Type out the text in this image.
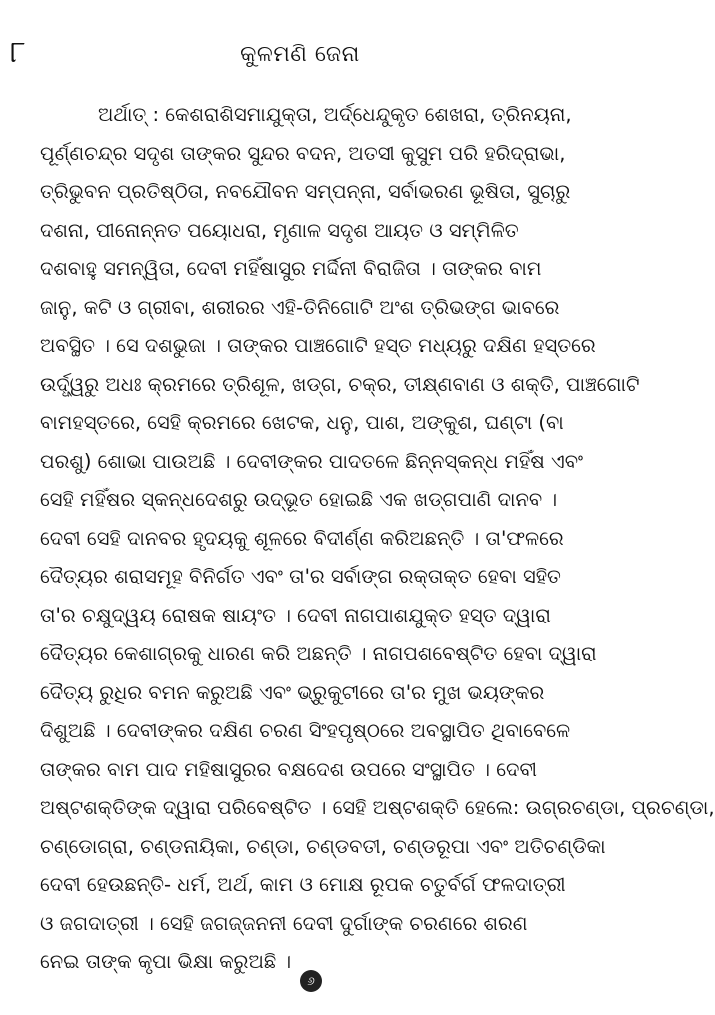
୮	କୁଳମଣି ଜେନା
ଅର୍ଥାତ୍ : କେଶରାଶିସମାଯୁକ୍ତା, ଅର୍ଦ୍ଧେନ୍ଦୁକୃତ ଶେଖରା, ତ୍ରିନୟନା,
ପୂର୍ଣ୍ଣଚନ୍ଦ୍ର ସଦୃଶ ତାଙ୍କର ସୁନ୍ଦର ବଦନ, ଅତସୀ କୁସୁମ ପରି ହରିଦ୍ରାଭା,
ତ୍ରିଭୁବନ ପ୍ରତିଷ୍ଠିତା, ନବଯୌବନ ସମ୍ପନ୍ନା, ସର୍ବାଭରଣ ଭୂଷିତା, ସୁଚାରୁ
ଦଶନା, ପୀନୋନ୍ନତ ପୟୋଧରା, ମୃଣାଳ ସଦୃଶ ଆୟତ ଓ ସମ୍ମିଳିତ
ଦଶବାହୁ ସମନ୍ୱିତା, ଦେବୀ ମହିଁଷାସୁର ମର୍ଦ୍ଦିନୀ ବିରାଜିତା । ତାଙ୍କର ବାମ
ଜାନୁ, କଟି ଓ ଗ୍ରୀବା, ଶରୀରର ଏହି-ତିନିଗୋଟି ଅଂଶ ତ୍ରିଭଙ୍ଗ ଭାବରେ
ଅବସ୍ଥିତ । ସେ ଦଶଭୁଜା । ତାଙ୍କର ପାଞ୍ଚଗୋଟି ହସ୍ତ ମଧ୍ୟରୁ ଦକ୍ଷିଣ ହସ୍ତରେ
ଉର୍ଦ୍ଧ୍ୱରୁ ଅଧଃ କ୍ରମରେ ତ୍ରିଶୂଳ, ଖଡ୍ଗ, ଚକ୍ର, ତୀକ୍ଷ୍ଣବାଣ ଓ ଶକ୍ତି, ପାଞ୍ଚଗୋଟି
ବାମହସ୍ତରେ, ସେହି କ୍ରମରେ ଖେଟକ, ଧନୁ, ପାଶ, ଅଙ୍କୁଶ, ଘଣ୍ଟା (ବା
ପରଶୁ) ଶୋଭା ପାଉଅଛି । ଦେବୀଙ୍କର ପାଦତଳେ ଛିନ୍ନସ୍କନ୍ଧ ମହିଁଷ ଏବଂ
ସେହି ମହିଁଷର ସ୍କନ୍ଧଦେଶରୁ ଉଦ୍‌ଭୂତ ହୋଇଛି ଏକ ଖଡ୍‌ଗପାଣି ଦାନବ ।
ଦେବୀ ସେହି ଦାନବର ହୃଦୟକୁ ଶୂଳରେ ବିଦୀର୍ଣ୍ଣ କରିଅଛନ୍ତି । ତା'ଫଳରେ
ଦୈତ୍ୟର ଶରାସମୂହ ବିନିର୍ଗତ ଏବଂ ତା'ର ସର୍ବାଙ୍ଗ ରକ୍ତାକ୍ତ ହେବା ସହିତ
ତା'ର ଚକ୍ଷୁଦ୍ୱୟ ରୋଷକ ଷାୟଂତ । ଦେବୀ ନାଗପାଶଯୁକ୍ତ ହସ୍ତ ଦ୍ୱାରା
ଦୈତ୍ୟର କେଶାଗ୍ରକୁ ଧାରଣ କରି ଅଛନ୍ତି । ନାଗପଶବେଷ୍ଟିତ ହେବା ଦ୍ୱାରା
ଦୈତ୍ୟ ରୁଧିର ବମନ କରୁଅଛି ଏବଂ ଭ୍ରୁକୁଟୀରେ ତା'ର ମୁଖ ଭୟଙ୍କର
ଦିଶୁଅଛି । ଦେବୀଙ୍କର ଦକ୍ଷିଣ ଚରଣ ସିଂହପୃଷ୍ଠରେ ଅବସ୍ଥାପିତ ଥିବାବେଳେ
ତାଙ୍କର ବାମ ପାଦ ମହିଷାସୁରର ବକ୍ଷଦେଶ ଉପରେ ସଂସ୍ଥାପିତ । ଦେବୀ
ଅଷ୍ଟଶକ୍ତିଙ୍କ ଦ୍ୱାରା ପରିବେଷ୍ଟିତ । ସେହି ଅଷ୍ଟଶକ୍ତି ହେଲେ: ଉଗ୍ରଚଣ୍ଡା, ପ୍ରଚଣ୍ଡା,
ଚଣ୍ଡୋଗ୍ରା, ଚଣ୍ଡନାୟିକା, ଚଣ୍ଡା, ଚଣ୍ଡବତୀ, ଚଣ୍ଡରୂପା ଏବଂ ଅତିଚଣ୍ଡିକା
ଦେବୀ ହେଉଛନ୍ତି- ଧର୍ମ, ଅର୍ଥ, କାମ ଓ ମୋକ୍ଷ ରୂପକ ଚତୁର୍ବର୍ଗ ଫଳଦାତ୍ରୀ
ଓ ଜଗଦାତ୍ରୀ । ସେହି ଜଗଜ୍ଜନନୀ ଦେବୀ ଦୁର୍ଗାଙ୍କ ଚରଣରେ ଶରଣ
ନେଇ ତାଙ୍କ କୃପା ଭିକ୍ଷା କରୁଅଛି ।
୬
